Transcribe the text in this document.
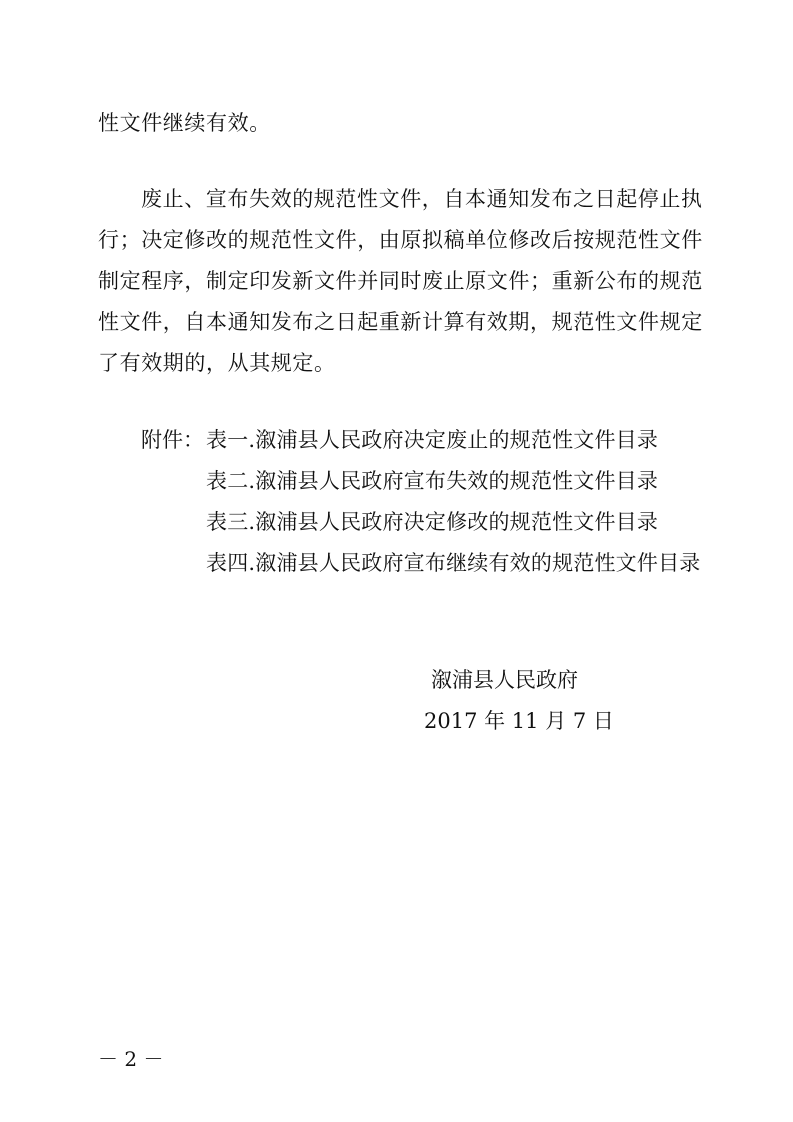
性文件继续有效。
废止、宣布失效的规范性文件，自本通知发布之日起停止执
行；决定修改的规范性文件，由原拟稿单位修改后按规范性文件
制定程序，制定印发新文件并同时废止原文件；重新公布的规范
性文件，自本通知发布之日起重新计算有效期，规范性文件规定
了有效期的，从其规定。
附件： 表一.溆浦县人民政府决定废止的规范性文件目录
表二.溆浦县人民政府宣布失效的规范性文件目录
表三.溆浦县人民政府决定修改的规范性文件目录
表四.溆浦县人民政府宣布继续有效的规范性文件目录
溆浦县人民政府
2017 年 11 月 7 日
－ 2 －
